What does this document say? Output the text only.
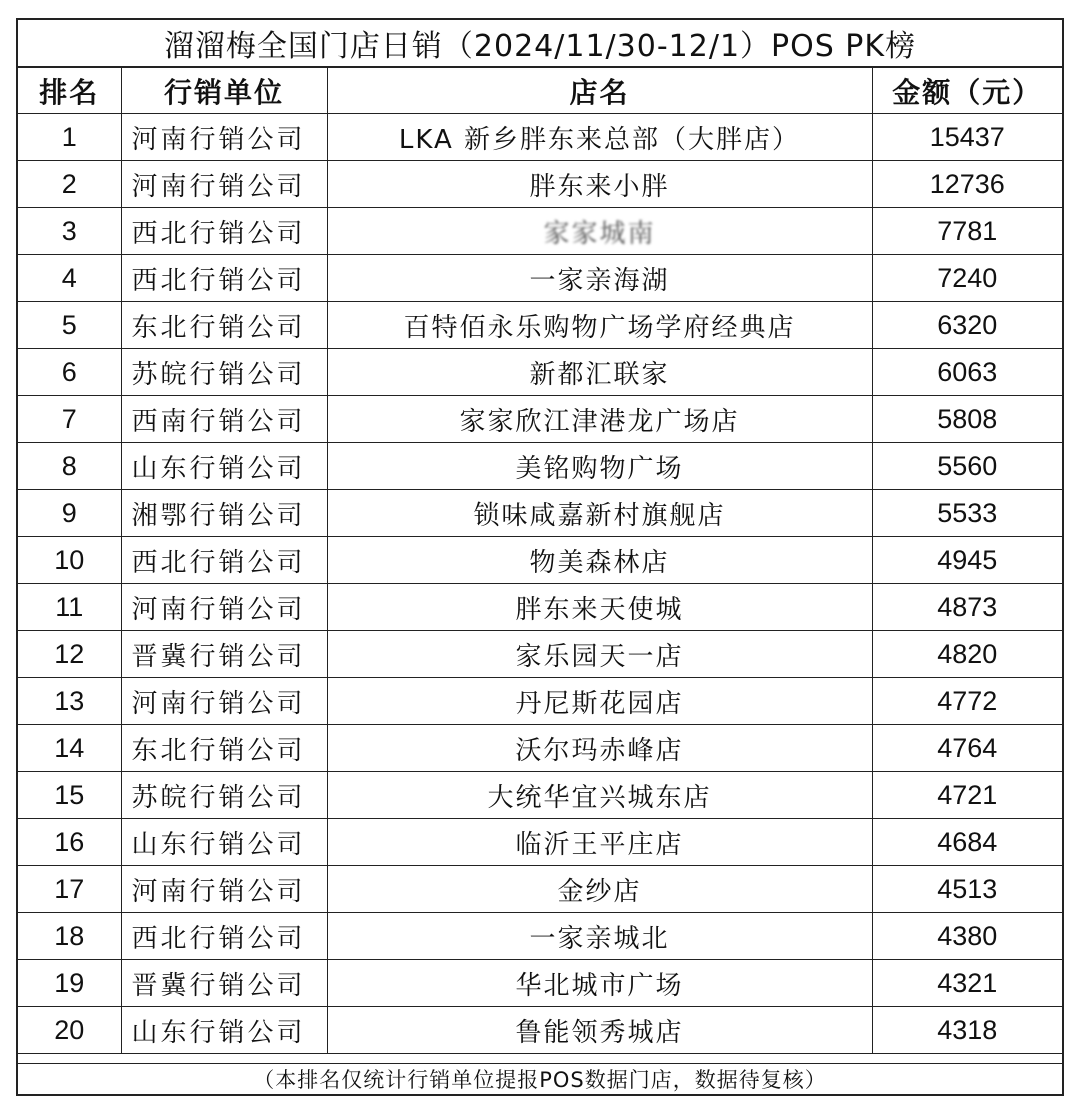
溜溜梅全国门店日销（2024/11/30-12/1）POS PK榜
排名	行销单位	店名	金额（元）
1	河南行销公司	LKA 新乡胖东来总部（大胖店）	15437
2	河南行销公司	胖东来小胖	12736
3	西北行销公司	家家城南	7781
4	西北行销公司	一家亲海湖	7240
5	东北行销公司	百特佰永乐购物广场学府经典店	6320
6	苏皖行销公司	新都汇联家	6063
7	西南行销公司	家家欣江津港龙广场店	5808
8	山东行销公司	美铭购物广场	5560
9	湘鄂行销公司	锁味咸嘉新村旗舰店	5533
10	西北行销公司	物美森林店	4945
11	河南行销公司	胖东来天使城	4873
12	晋冀行销公司	家乐园天一店	4820
13	河南行销公司	丹尼斯花园店	4772
14	东北行销公司	沃尔玛赤峰店	4764
15	苏皖行销公司	大统华宜兴城东店	4721
16	山东行销公司	临沂王平庄店	4684
17	河南行销公司	金纱店	4513
18	西北行销公司	一家亲城北	4380
19	晋冀行销公司	华北城市广场	4321
20	山东行销公司	鲁能领秀城店	4318
（本排名仅统计行销单位提报POS数据门店，数据待复核）
